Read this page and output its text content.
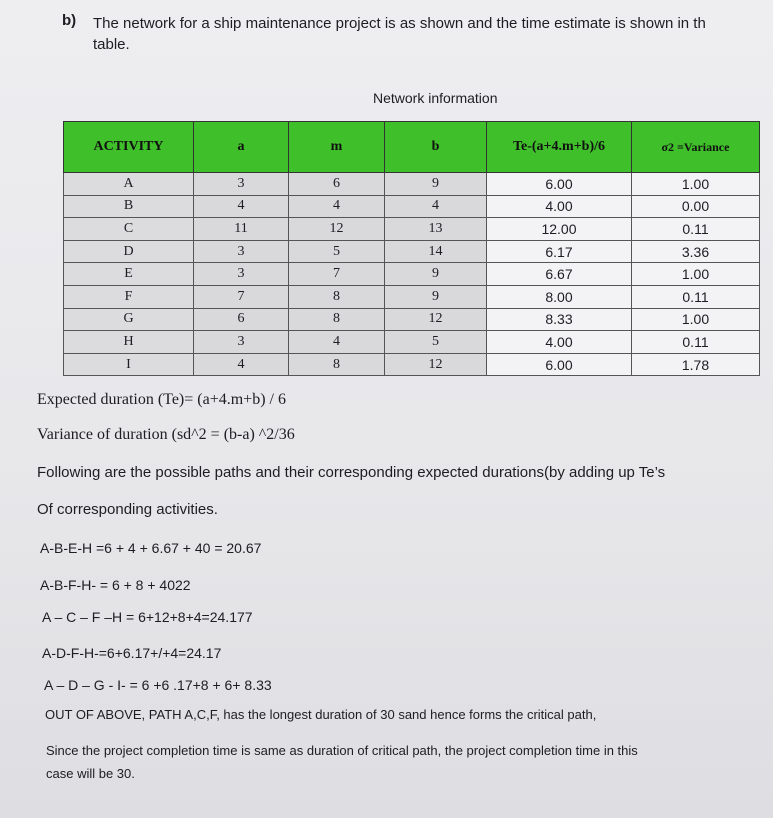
b) The network for a ship maintenance project is as shown and the time estimate is shown in th
table.
Network information
ACTIVITY	a	m	b	Te-(a+4.m+b)/6	σ2 =Variance
A	3	6	9	6.00	1.00
B	4	4	4	4.00	0.00
C	11	12	13	12.00	0.11
D	3	5	14	6.17	3.36
E	3	7	9	6.67	1.00
F	7	8	9	8.00	0.11
G	6	8	12	8.33	1.00
H	3	4	5	4.00	0.11
I	4	8	12	6.00	1.78
Expected duration (Te)= (a+4.m+b) / 6
Variance of duration (sd^2 = (b-a) ^2/36
Following are the possible paths and their corresponding expected durations(by adding up Te’s
Of corresponding activities.
A-B-E-H =6 + 4 + 6.67 + 40 = 20.67
A-B-F-H- = 6 + 8 + 4022
A – C – F –H = 6+12+8+4=24.177
A-D-F-H-=6+6.17+/+4=24.17
A – D – G - I- = 6 +6 .17+8 + 6+ 8.33
OUT OF ABOVE, PATH A,C,F, has the longest duration of 30 sand hence forms the critical path,
Since the project completion time is same as duration of critical path, the project completion time in this
case will be 30.
